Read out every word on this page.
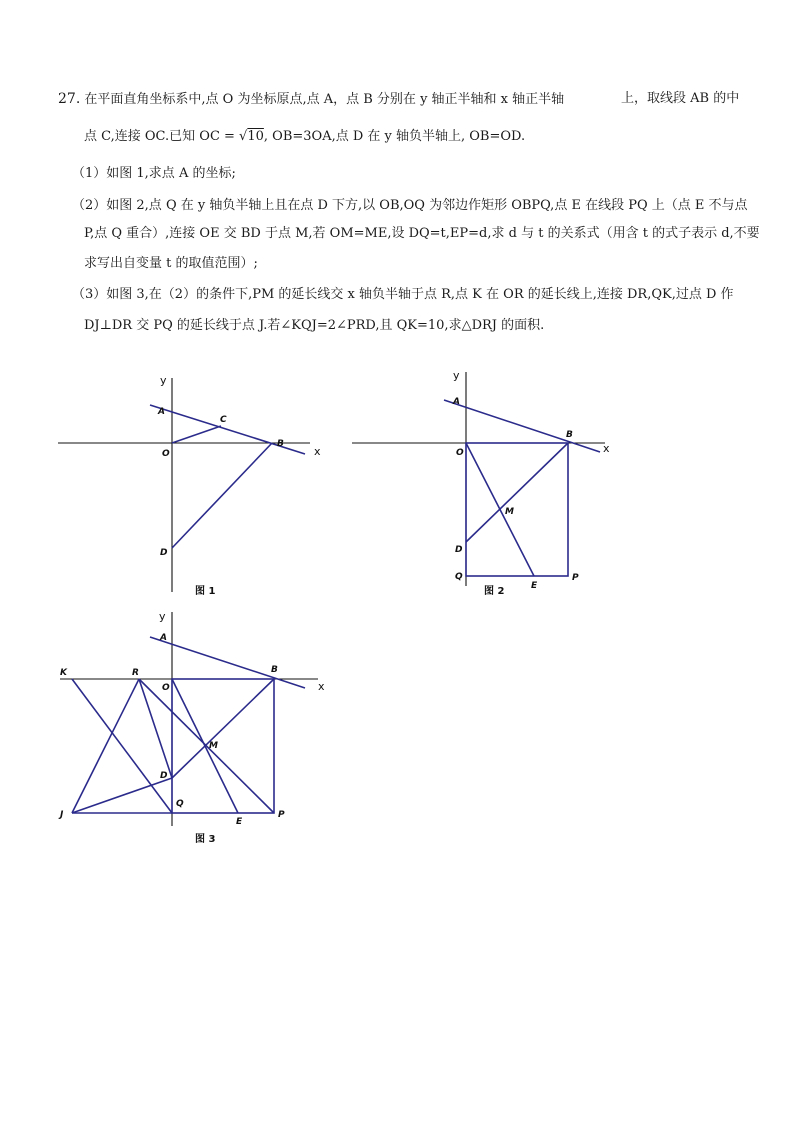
27. 在平面直角坐标系中,点 O 为坐标原点,点 A，点 B 分别在 y 轴正半轴和 x 轴正半轴	上，取线段 AB 的中
点 C,连接 OC.已知 OC = √10, OB=3OA,点 D 在 y 轴负半轴上, OB=OD.
（1）如图 1,求点 A 的坐标;
（2）如图 2,点 Q 在 y 轴负半轴上且在点 D 下方,以 OB,OQ 为邻边作矩形 OBPQ,点 E 在线段 PQ 上（点 E 不与点
P,点 Q 重合）,连接 OE 交 BD 于点 M,若 OM=ME,设 DQ=t,EP=d,求 d 与 t 的关系式（用含 t 的式子表示 d,不要
求写出自变量 t 的取值范围）;
（3）如图 3,在（2）的条件下,PM 的延长线交 x 轴负半轴于点 R,点 K 在 OR 的延长线上,连接 DR,QK,过点 D 作
DJ⊥DR 交 PQ 的延长线于点 J.若∠KQJ=2∠PRD,且 QK=10,求△DRJ 的面积.
y
x
A
C
B
O
D
图 1
y
x
A
B
O
M
D
Q
E
P
图 2
y
x
A
B
K	R
O
M
D
J
Q
E
P
图 3
